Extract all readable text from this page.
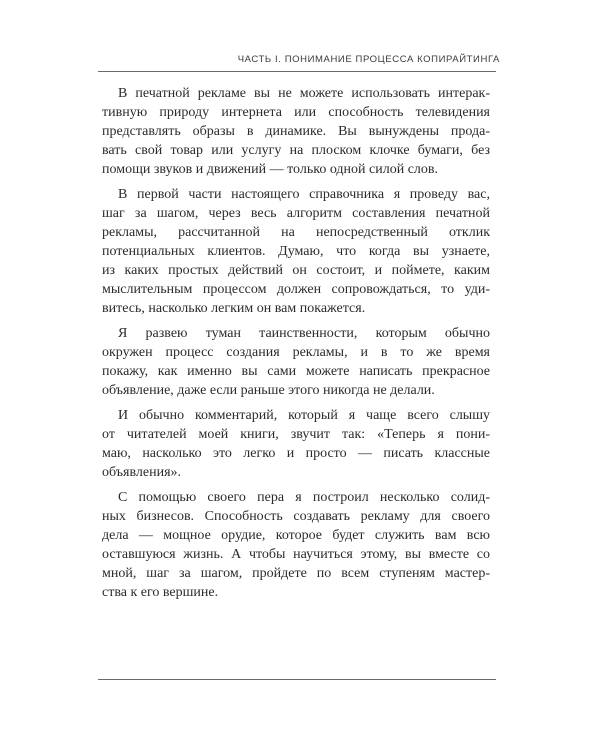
ЧАСТЬ I. ПОНИМАНИЕ ПРОЦЕССА КОПИРАЙТИНГА

В печатной рекламе вы не можете использовать интерак-
тивную природу интернета или способность телевидения
представлять образы в динамике. Вы вынуждены прода-
вать свой товар или услугу на плоском клочке бумаги, без
помощи звуков и движений — только одной силой слов.

В первой части настоящего справочника я проведу вас,
шаг за шагом, через весь алгоритм составления печатной
рекламы, рассчитанной на непосредственный отклик
потенциальных клиентов. Думаю, что когда вы узнаете,
из каких простых действий он состоит, и поймете, каким
мыслительным процессом должен сопровождаться, то уди-
витесь, насколько легким он вам покажется.

Я развею туман таинственности, которым обычно
окружен процесс создания рекламы, и в то же время
покажу, как именно вы сами можете написать прекрасное
объявление, даже если раньше этого никогда не делали.

И обычно комментарий, который я чаще всего слышу
от читателей моей книги, звучит так: «Теперь я пони-
маю, насколько это легко и просто — писать классные
объявления».

С помощью своего пера я построил несколько солид-
ных бизнесов. Способность создавать рекламу для своего
дела — мощное орудие, которое будет служить вам всю
оставшуюся жизнь. А чтобы научиться этому, вы вместе со
мной, шаг за шагом, пройдете по всем ступеням мастер-
ства к его вершине.
